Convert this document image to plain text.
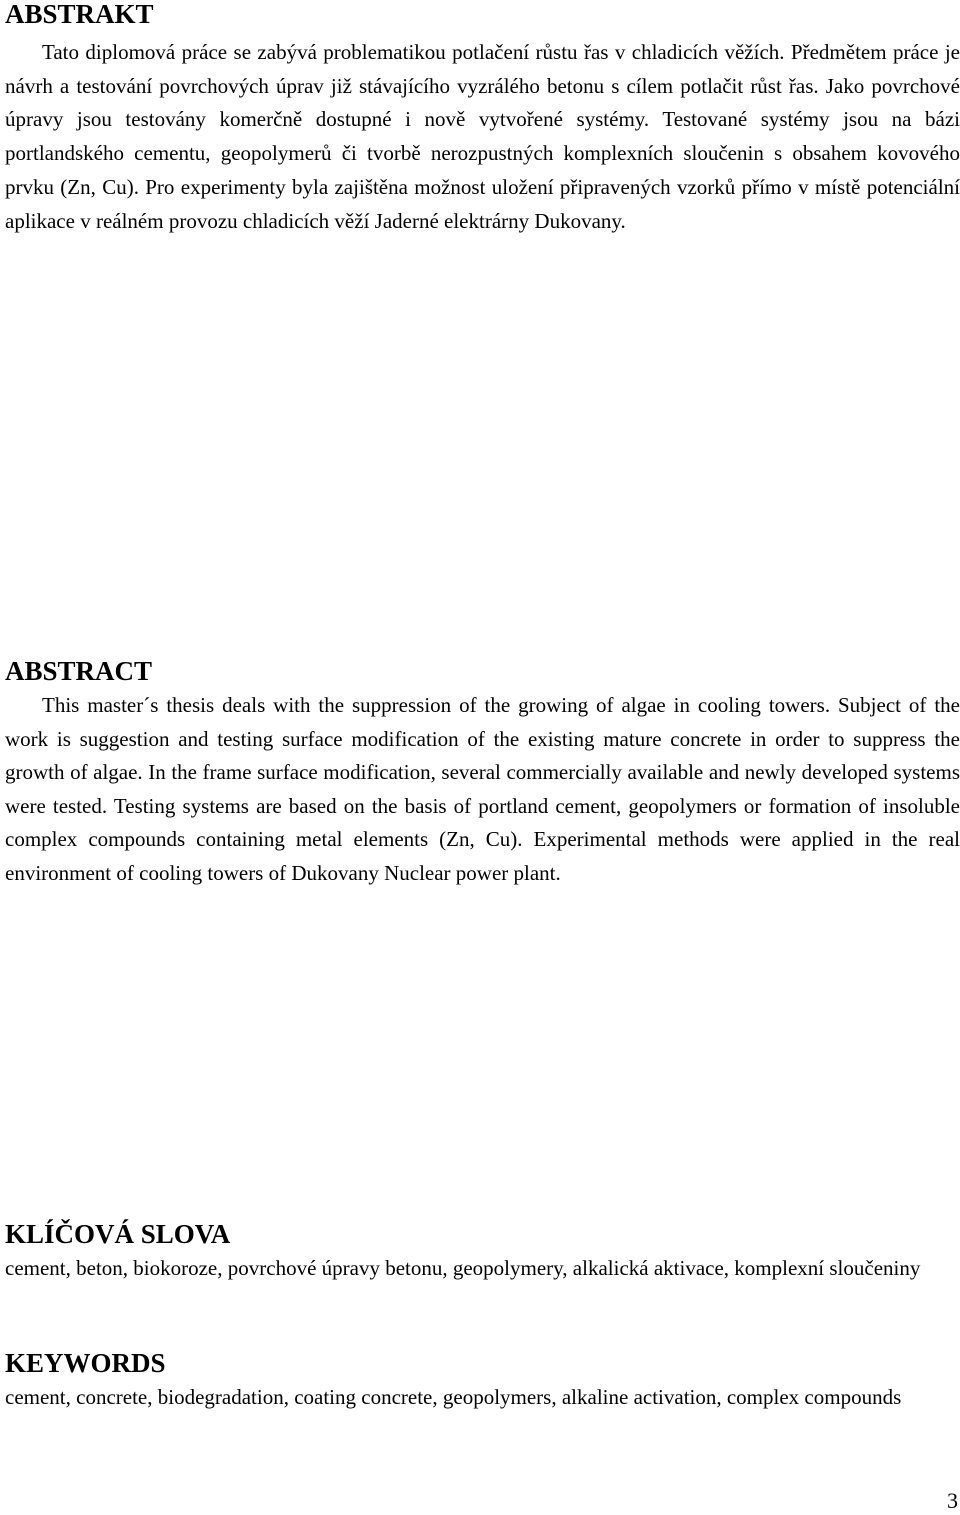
ABSTRAKT

Tato diplomová práce se zabývá problematikou potlačení růstu řas v chladicích věžích. Předmětem práce je návrh a testování povrchových úprav již stávajícího vyzrálého betonu s cílem potlačit růst řas. Jako povrchové úpravy jsou testovány komerčně dostupné i nově vytvořené systémy. Testované systémy jsou na bázi portlandského cementu, geopolymerů či tvorbě nerozpustných komplexních sloučenin s obsahem kovového prvku (Zn, Cu). Pro experimenty byla zajištěna možnost uložení připravených vzorků přímo v místě potenciální aplikace v reálném provozu chladicích věží Jaderné elektrárny Dukovany.

ABSTRACT

This master´s thesis deals with the suppression of the growing of algae in cooling towers. Subject of the work is suggestion and testing surface modification of the existing mature concrete in order to suppress the growth of algae. In the frame surface modification, several commercially available and newly developed systems were tested. Testing systems are based on the basis of portland cement, geopolymers or formation of insoluble complex compounds containing metal elements (Zn, Cu). Experimental methods were applied in the real environment of cooling towers of Dukovany Nuclear power plant.

KLÍČOVÁ SLOVA

cement, beton, biokoroze, povrchové úpravy betonu, geopolymery, alkalická aktivace, komplexní sloučeniny

KEYWORDS

cement, concrete, biodegradation, coating concrete, geopolymers, alkaline activation, complex compounds

3
